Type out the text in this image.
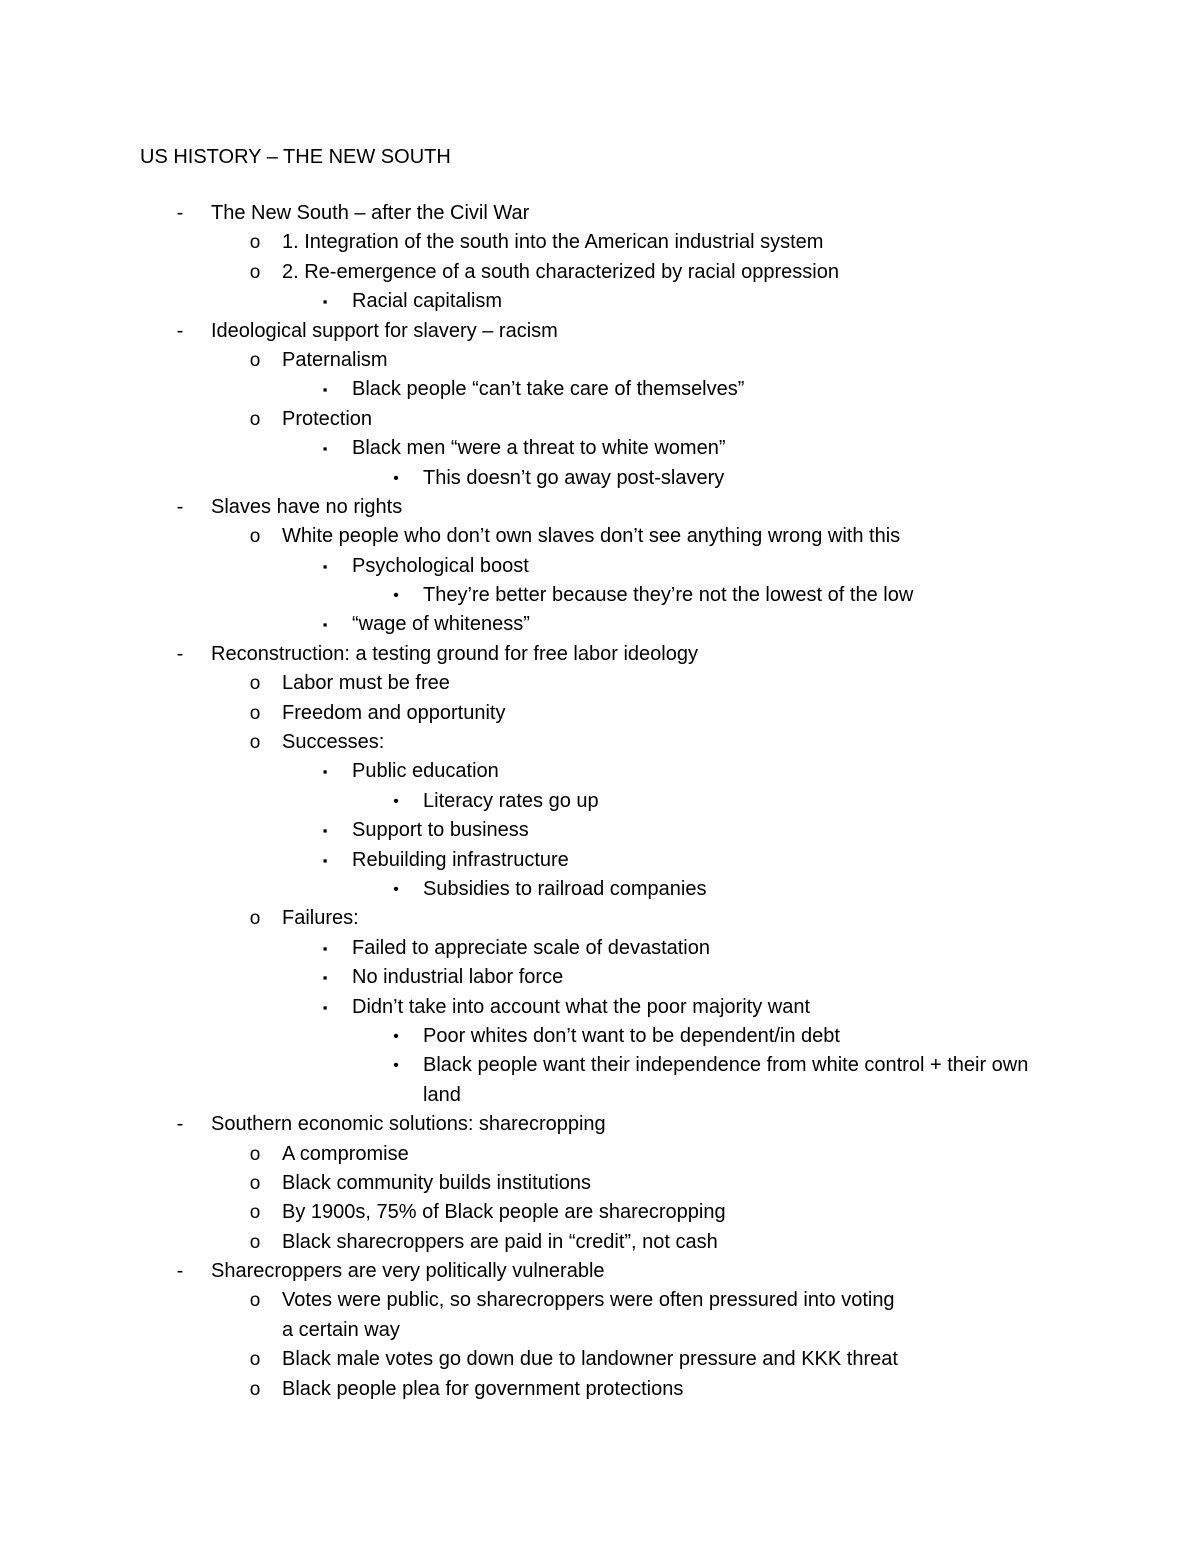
US HISTORY – THE NEW SOUTH
-	The New South – after the Civil War
o 1. Integration of the south into the American industrial system
o 2. Re-emergence of a south characterized by racial oppression
▪	Racial capitalism
-	Ideological support for slavery – racism
o Paternalism
▪	Black people “can’t take care of themselves”
o Protection
▪	Black men “were a threat to white women”
•	This doesn’t go away post-slavery
-	Slaves have no rights
o White people who don’t own slaves don’t see anything wrong with this
▪	Psychological boost
•	They’re better because they’re not the lowest of the low
▪	“wage of whiteness”
-	Reconstruction: a testing ground for free labor ideology
o Labor must be free
o Freedom and opportunity
o Successes:
▪	Public education
•	Literacy rates go up
▪	Support to business
▪	Rebuilding infrastructure
•	Subsidies to railroad companies
o Failures:
▪	Failed to appreciate scale of devastation
▪	No industrial labor force
▪	Didn’t take into account what the poor majority want
•	Poor whites don’t want to be dependent/in debt
•	Black people want their independence from white control + their own land
-	Southern economic solutions: sharecropping
o A compromise
o Black community builds institutions
o By 1900s, 75% of Black people are sharecropping
o Black sharecroppers are paid in “credit”, not cash
-	Sharecroppers are very politically vulnerable
o Votes were public, so sharecroppers were often pressured into voting a certain way
o Black male votes go down due to landowner pressure and KKK threat
o Black people plea for government protections
